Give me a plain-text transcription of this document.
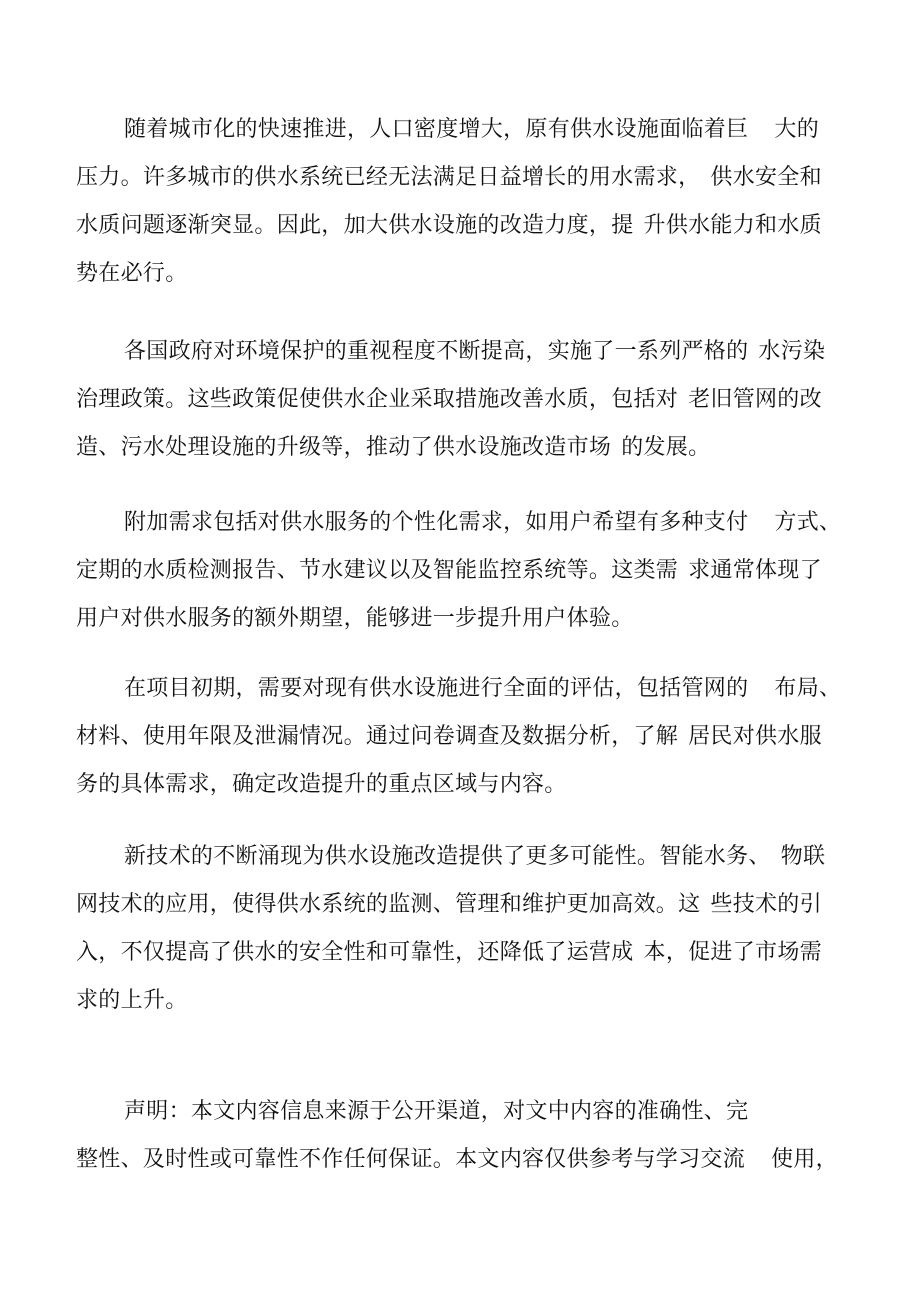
随着城市化的快速推进，人口密度增大，原有供水设施面临着巨 大的
压力。许多城市的供水系统已经无法满足日益增长的用水需求， 供水安全和
水质问题逐渐突显。因此，加大供水设施的改造力度，提 升供水能力和水质
势在必行。
各国政府对环境保护的重视程度不断提高，实施了一系列严格的 水污染
治理政策。这些政策促使供水企业采取措施改善水质，包括对 老旧管网的改
造、污水处理设施的升级等，推动了供水设施改造市场 的发展。
附加需求包括对供水服务的个性化需求，如用户希望有多种支付 方式、
定期的水质检测报告、节水建议以及智能监控系统等。这类需 求通常体现了
用户对供水服务的额外期望，能够进一步提升用户体验。
在项目初期，需要对现有供水设施进行全面的评估，包括管网的 布局、
材料、使用年限及泄漏情况。通过问卷调查及数据分析，了解 居民对供水服
务的具体需求，确定改造提升的重点区域与内容。
新技术的不断涌现为供水设施改造提供了更多可能性。智能水务、 物联
网技术的应用，使得供水系统的监测、管理和维护更加高效。这 些技术的引
入，不仅提高了供水的安全性和可靠性，还降低了运营成 本，促进了市场需
求的上升。
声明：本文内容信息来源于公开渠道，对文中内容的准确性、完
整性、及时性或可靠性不作任何保证。本文内容仅供参考与学习交流 使用，
